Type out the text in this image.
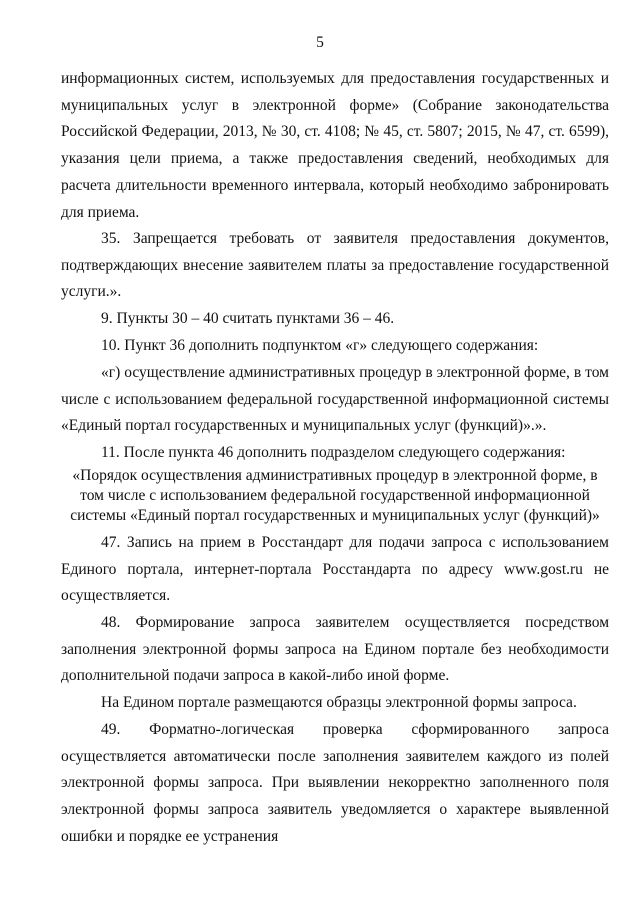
5
информационных систем, используемых для предоставления государственных и муниципальных услуг в электронной форме» (Собрание законодательства Российской Федерации, 2013, № 30, ст. 4108; № 45, ст. 5807; 2015, № 47, ст. 6599), указания цели приема, а также предоставления сведений, необходимых для расчета длительности временного интервала, который необходимо забронировать для приема.
35. Запрещается требовать от заявителя предоставления документов, подтверждающих внесение заявителем платы за предоставление государственной услуги.».
9. Пункты 30 – 40 считать пунктами 36 – 46.
10. Пункт 36 дополнить подпунктом «г» следующего содержания:
«г) осуществление административных процедур в электронной форме, в том числе с использованием федеральной государственной информационной системы «Единый портал государственных и муниципальных услуг (функций)».».
11. После пункта 46 дополнить подразделом следующего содержания:
«Порядок осуществления административных процедур в электронной форме, в том числе с использованием федеральной государственной информационной системы «Единый портал государственных и муниципальных услуг (функций)»
47. Запись на прием в Росстандарт для подачи запроса с использованием Единого портала, интернет-портала Росстандарта по адресу www.gost.ru не осуществляется.
48. Формирование запроса заявителем осуществляется посредством заполнения электронной формы запроса на Едином портале без необходимости дополнительной подачи запроса в какой-либо иной форме.
На Едином портале размещаются образцы электронной формы запроса.
49. Форматно-логическая проверка сформированного запроса осуществляется автоматически после заполнения заявителем каждого из полей электронной формы запроса. При выявлении некорректно заполненного поля электронной формы запроса заявитель уведомляется о характере выявленной ошибки и порядке ее устранения
